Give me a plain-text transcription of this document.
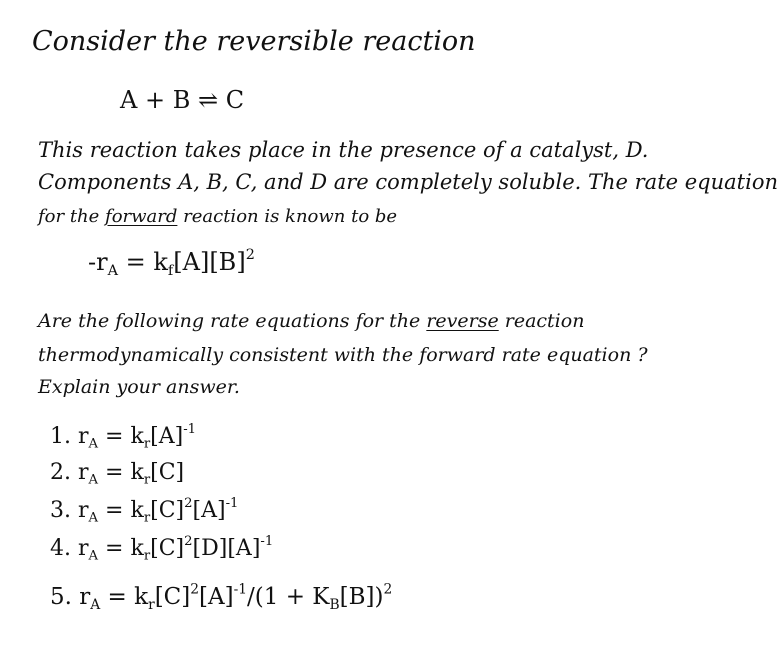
Consider the reversible reaction
A + B ⇌ C
This reaction takes place in the presence of a catalyst, D.
Components A, B, C, and D are completely soluble. The rate equation
for the forward reaction is known to be
$-r_A = k_f[A][B]^2$
Are the following rate equations for the reverse reaction
thermodynamically consistent with the forward rate equation ?
Explain your answer.
1. $r_A = k_r[A]^{-1}$
2. $r_A = k_r[C]$
3. $r_A = k_r[C]^2[A]^{-1}$
4. $r_A = k_r[C]^2[D][A]^{-1}$
5. $r_A = k_r[C]^2[A]^{-1}/(1 + K_B[B])^2$
